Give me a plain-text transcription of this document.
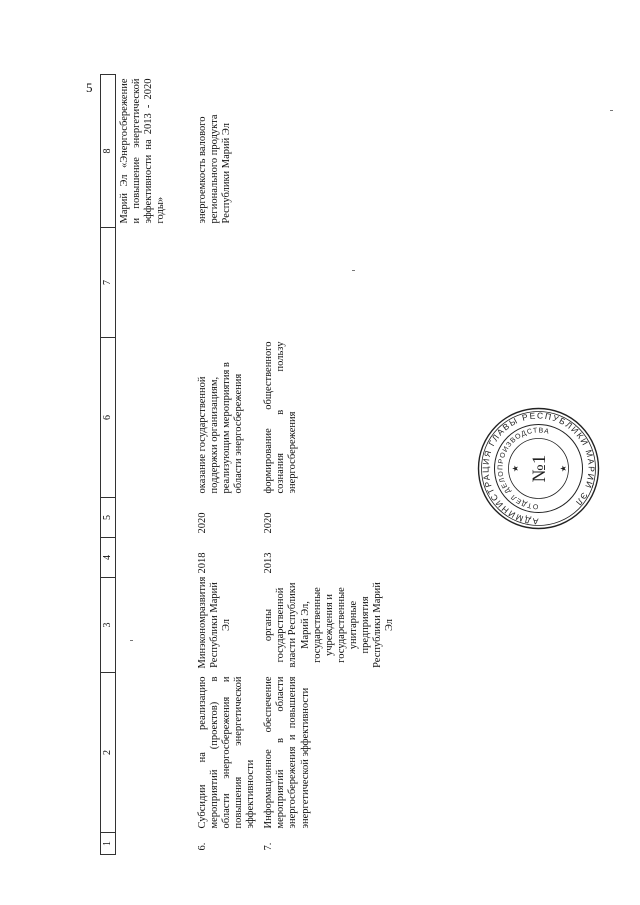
5
1	2	3	4	5	6	7	8
							Марий Эл «Энергосбережение и повышение энергетической эффективности на 2013 - 2020 годы»
6.	Субсидии на реализацию мероприятий (проектов) в области энергосбережения и повышения энергетической эффективности	Минэкономразвития Республики Марий Эл	2018	2020	оказание государственной поддержки организациям, реализующим мероприятия в области энергосбережения		энергоемкость валового регионального продукта Республики Марий Эл
7.	Информационное обеспечение мероприятий в области энергосбережения и повышения энергетической эффективности	органы государственной власти Республики Марий Эл, государственные учреждения и государственные унитарные предприятия Республики Марий Эл	2013	2020	формирование общественного сознания в пользу энергосбережения		
АДМИНИСТРАЦИЯ ГЛАВЫ РЕСПУБЛИКИ МАРИЙ ЭЛ
ОТДЕЛ ДЕЛОПРОИЗВОДСТВА
№1
★	★
